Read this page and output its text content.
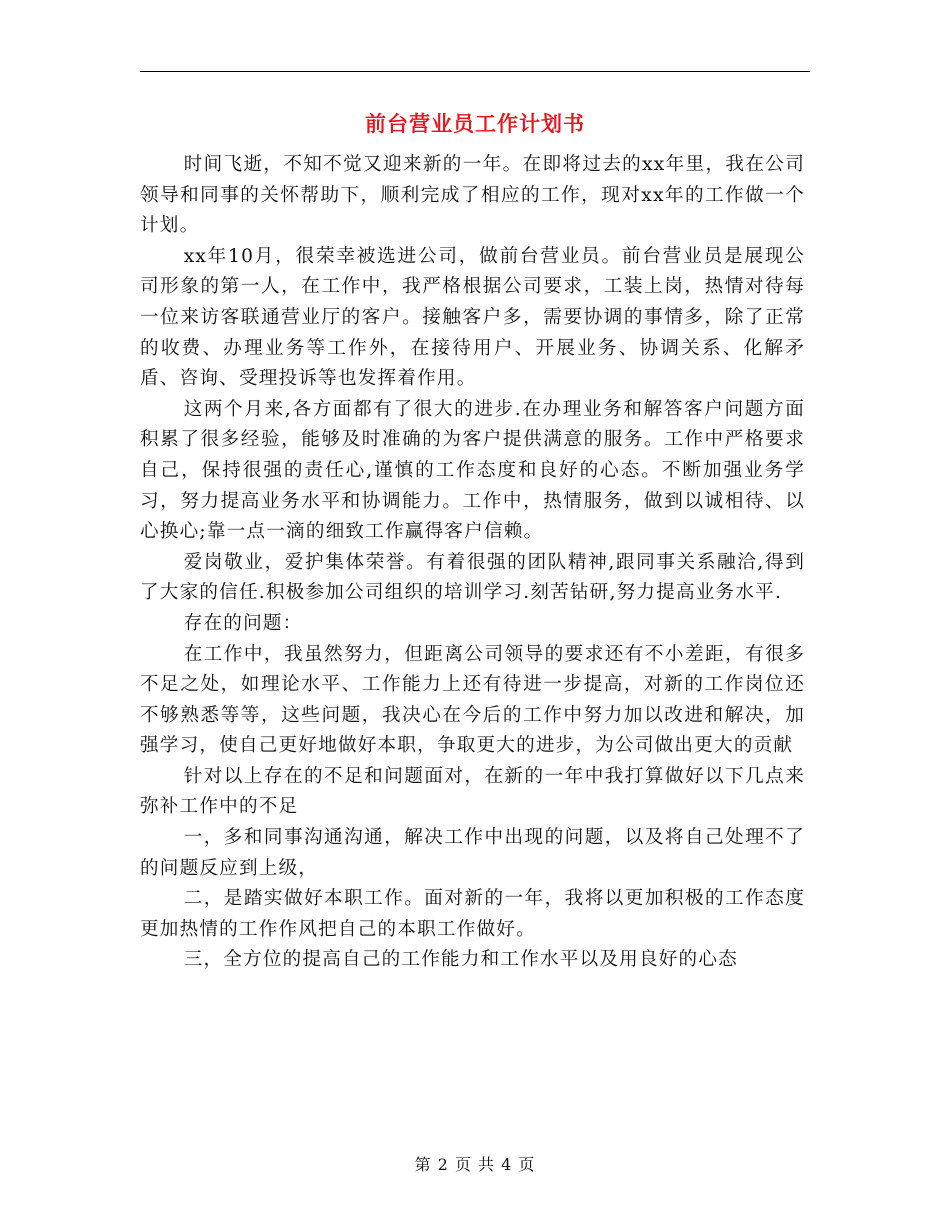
前台营业员工作计划书

时间飞逝，不知不觉又迎来新的一年。在即将过去的xx年里，我在公司领导和同事的关怀帮助下，顺利完成了相应的工作，现对xx年的工作做一个计划。

xx年10月，很荣幸被选进公司，做前台营业员。前台营业员是展现公司形象的第一人，在工作中，我严格根据公司要求，工装上岗，热情对待每一位来访客联通营业厅的客户。接触客户多，需要协调的事情多，除了正常的收费、办理业务等工作外，在接待用户、开展业务、协调关系、化解矛盾、咨询、受理投诉等也发挥着作用。

这两个月来,各方面都有了很大的进步.在办理业务和解答客户问题方面积累了很多经验，能够及时准确的为客户提供满意的服务。工作中严格要求自己，保持很强的责任心,谨慎的工作态度和良好的心态。不断加强业务学习，努力提高业务水平和协调能力。工作中，热情服务，做到以诚相待、以心换心;靠一点一滴的细致工作赢得客户信赖。

爱岗敬业，爱护集体荣誉。有着很强的团队精神,跟同事关系融洽,得到了大家的信任.积极参加公司组织的培训学习.刻苦钻研,努力提高业务水平.

存在的问题：

在工作中，我虽然努力，但距离公司领导的要求还有不小差距，有很多不足之处，如理论水平、工作能力上还有待进一步提高，对新的工作岗位还不够熟悉等等，这些问题，我决心在今后的工作中努力加以改进和解决，加强学习，使自己更好地做好本职，争取更大的进步，为公司做出更大的贡献

针对以上存在的不足和问题面对，在新的一年中我打算做好以下几点来弥补工作中的不足

一，多和同事沟通沟通，解决工作中出现的问题，以及将自己处理不了的问题反应到上级，

二，是踏实做好本职工作。面对新的一年，我将以更加积极的工作态度更加热情的工作作风把自己的本职工作做好。

三，全方位的提高自己的工作能力和工作水平以及用良好的心态

第 2 页 共 4 页
